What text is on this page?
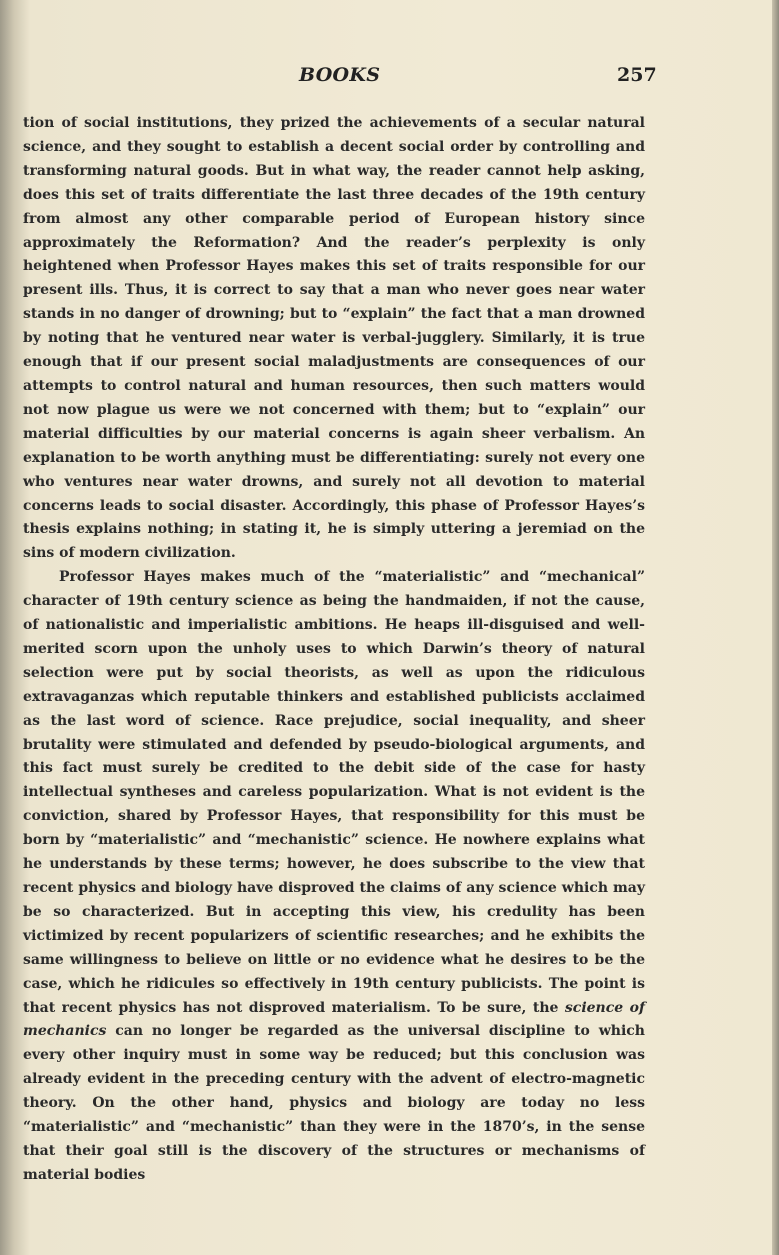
BOOKS	257

tion of social institutions, they prized the achievements of a secular natural science, and they sought to establish a decent social order by controlling and transforming natural goods. But in what way, the reader cannot help asking, does this set of traits differentiate the last three decades of the 19th century from almost any other comparable period of European history since approximately the Reformation? And the reader’s perplexity is only heightened when Professor Hayes makes this set of traits responsible for our present ills. Thus, it is correct to say that a man who never goes near water stands in no danger of drowning; but to “explain” the fact that a man drowned by noting that he ventured near water is verbal-jugglery. Similarly, it is true enough that if our present social maladjustments are consequences of our attempts to control natural and human resources, then such matters would not now plague us were we not concerned with them; but to “explain” our material difficulties by our material concerns is again sheer verbalism. An explanation to be worth anything must be differentiating: surely not every one who ventures near water drowns, and surely not all devotion to material concerns leads to social disaster. Accordingly, this phase of Professor Hayes’s thesis explains nothing; in stating it, he is simply uttering a jeremiad on the sins of modern civilization.

Professor Hayes makes much of the “materialistic” and “mechanical” character of 19th century science as being the handmaiden, if not the cause, of nationalistic and imperialistic ambitions. He heaps ill-disguised and well-merited scorn upon the unholy uses to which Darwin’s theory of natural selection were put by social theorists, as well as upon the ridiculous extravaganzas which reputable thinkers and established publicists acclaimed as the last word of science. Race prejudice, social inequality, and sheer brutality were stimulated and defended by pseudo-biological arguments, and this fact must surely be credited to the debit side of the case for hasty intellectual syntheses and careless popularization. What is not evident is the conviction, shared by Professor Hayes, that responsibility for this must be born by “materialistic” and “mechanistic” science. He nowhere explains what he understands by these terms; however, he does subscribe to the view that recent physics and biology have disproved the claims of any science which may be so characterized. But in accepting this view, his credulity has been victimized by recent popularizers of scientific researches; and he exhibits the same willingness to believe on little or no evidence what he desires to be the case, which he ridicules so effectively in 19th century publicists. The point is that recent physics has not disproved materialism. To be sure, the science of mechanics can no longer be regarded as the universal discipline to which every other inquiry must in some way be reduced; but this conclusion was already evident in the preceding century with the advent of electro-magnetic theory. On the other hand, physics and biology are today no less “materialistic” and “mechanistic” than they were in the 1870’s, in the sense that their goal still is the discovery of the structures or mechanisms of material bodies
